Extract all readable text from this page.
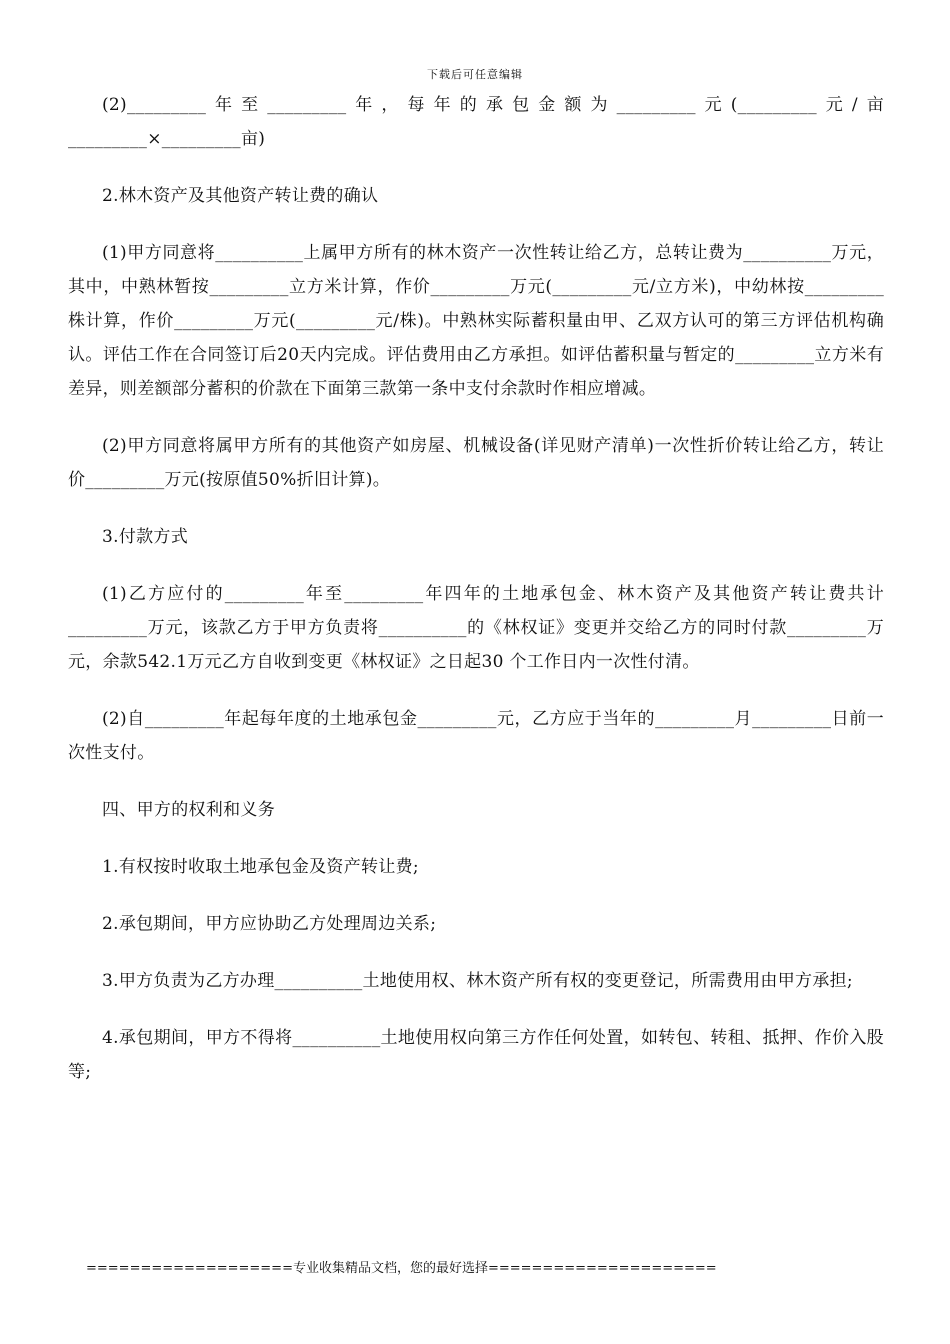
下载后可任意编辑

(2)_________年至_________年，每年的承包金额为_________元(_________元/亩_________×_________亩)

2.林木资产及其他资产转让费的确认

(1)甲方同意将__________上属甲方所有的林木资产一次性转让给乙方，总转让费为__________万元，其中，中熟林暂按_________立方米计算，作价_________万元(_________元/立方米)，中幼林按_________株计算，作价_________万元(_________元/株)。中熟林实际蓄积量由甲、乙双方认可的第三方评估机构确认。评估工作在合同签订后20天内完成。评估费用由乙方承担。如评估蓄积量与暂定的_________立方米有差异，则差额部分蓄积的价款在下面第三款第一条中支付余款时作相应增减。

(2)甲方同意将属甲方所有的其他资产如房屋、机械设备(详见财产清单)一次性折价转让给乙方，转让价_________万元(按原值50%折旧计算)。

3.付款方式

(1)乙方应付的_________年至_________年四年的土地承包金、林木资产及其他资产转让费共计_________万元，该款乙方于甲方负责将__________的《林权证》变更并交给乙方的同时付款_________万元，余款542.1万元乙方自收到变更《林权证》之日起30 个工作日内一次性付清。

(2)自_________年起每年度的土地承包金_________元，乙方应于当年的_________月_________日前一次性支付。

四、甲方的权利和义务

1.有权按时收取土地承包金及资产转让费;

2.承包期间，甲方应协助乙方处理周边关系;

3.甲方负责为乙方办理__________土地使用权、林木资产所有权的变更登记，所需费用由甲方承担;

4.承包期间，甲方不得将__________土地使用权向第三方作任何处置，如转包、转租、抵押、作价入股等;

===================专业收集精品文档，您的最好选择=====================
